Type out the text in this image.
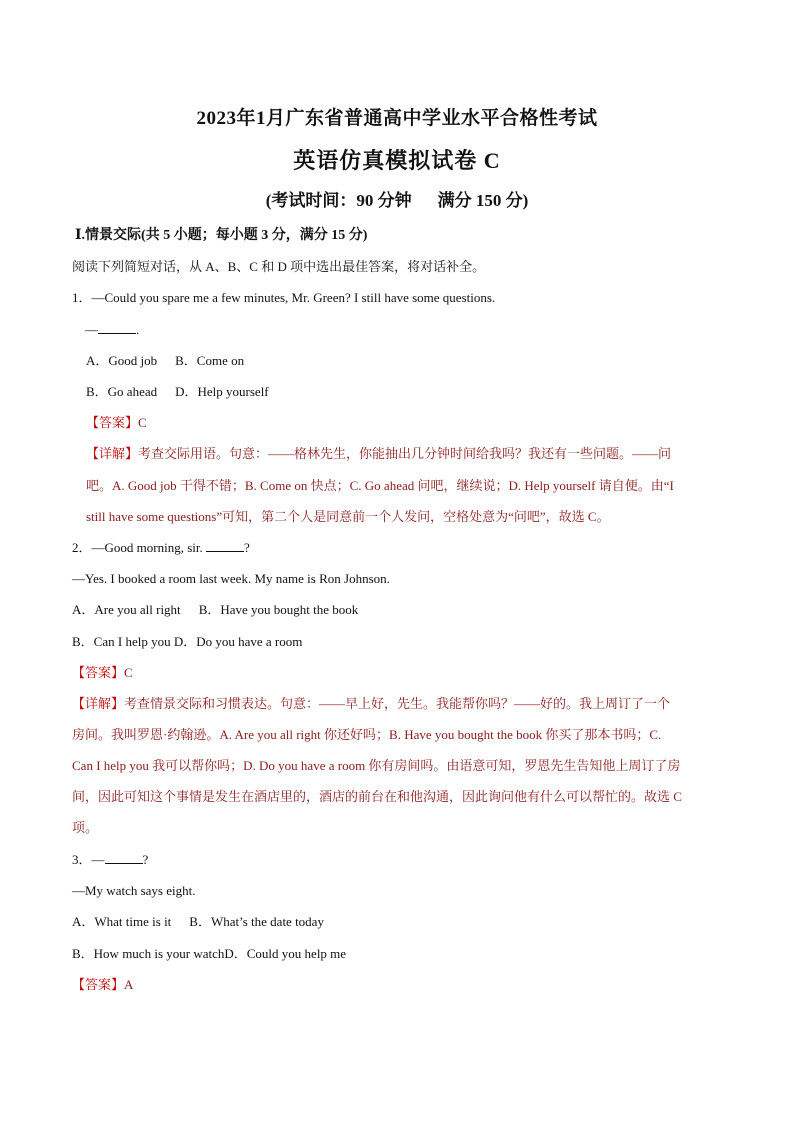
2023年1月广东省普通高中学业水平合格性考试
英语仿真模拟试卷 C
(考试时间：90 分钟 满分 150 分)
Ⅰ.情景交际(共 5 小题；每小题 3 分，满分 15 分)
阅读下列简短对话，从 A、B、C 和 D 项中选出最佳答案，将对话补全。
1．—Could you spare me a few minutes, Mr. Green? I still have some questions.
—	.
A．Good job B．Come on
B．Go ahead D．Help yourself
【答案】C
【详解】考查交际用语。句意：——格林先生，你能抽出几分钟时间给我吗？我还有一些问题。——问
吧。A. Good job 干得不错；B. Come on 快点；C. Go ahead 问吧，继续说；D. Help yourself 请自便。由“I
still have some questions”可知，第二个人是同意前一个人发问，空格处意为“问吧”，故选 C。
2．—Good morning, sir.	?
—Yes. I booked a room last week. My name is Ron Johnson.
A．Are you all right B．Have you bought the book
B．Can I help you D．Do you have a room
【答案】C
【详解】考查情景交际和习惯表达。句意：——早上好，先生。我能帮你吗？——好的。我上周订了一个
房间。我叫罗恩·约翰逊。A. Are you all right 你还好吗；B. Have you bought the book 你买了那本书吗；C.
Can I help you 我可以帮你吗；D. Do you have a room 你有房间吗。由语意可知，罗恩先生告知他上周订了房
间，因此可知这个事情是发生在酒店里的，酒店的前台在和他沟通，因此询问他有什么可以帮忙的。故选 C
项。
3．—	?
—My watch says eight.
A．What time is it B．What’s the date today
B．How much is your watchD．Could you help me
【答案】A
